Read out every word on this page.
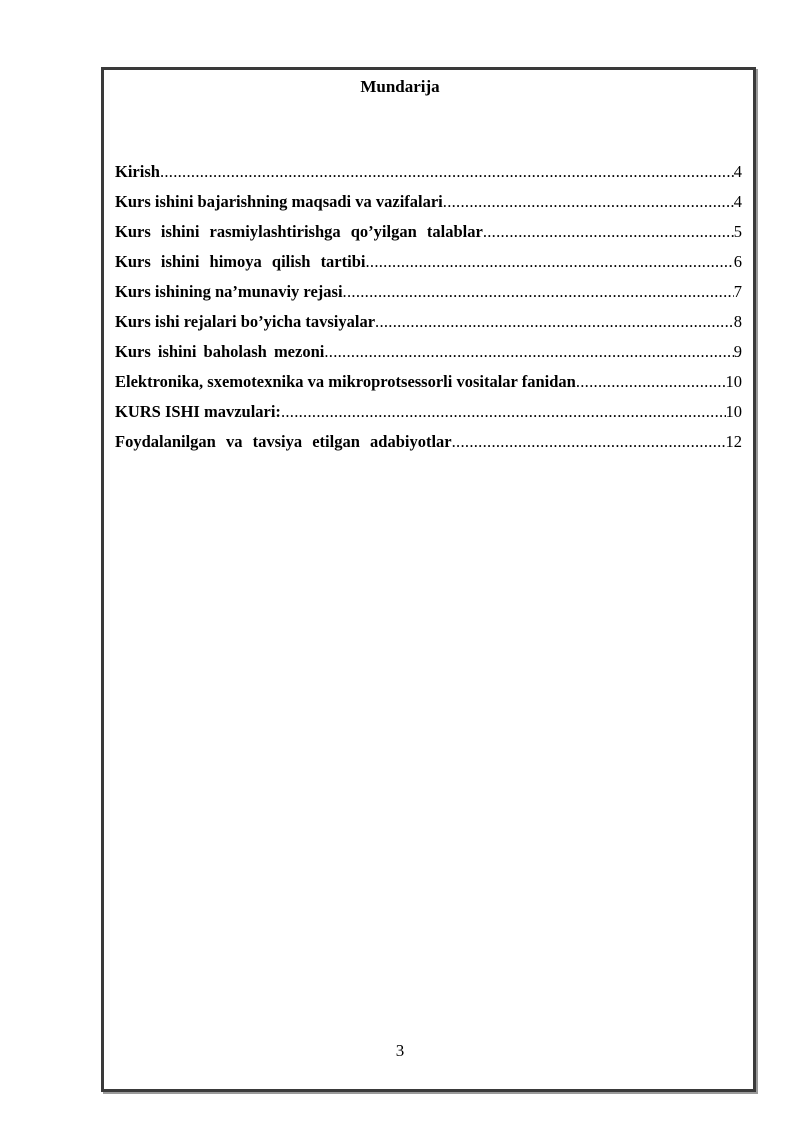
Mundarija
Kirish .....	4
Kurs ishini bajarishning maqsadi va vazifalari .....	4
Kurs ishini rasmiylashtirishga qo’yilgan talablar .....	5
Kurs ishini himoya qilish tartibi .....	6
Kurs ishining na’munaviy rejasi .....	7
Kurs ishi rejalari bo’yicha tavsiyalar .....	8
Kurs ishini baholash mezoni .....	9
Elektronika, sxemotexnika va mikroprotsessorli vositalar fanidan .....	10
KURS ISHI mavzulari: .....	10
Foydalanilgan va tavsiya etilgan adabiyotlar .....	12
3
